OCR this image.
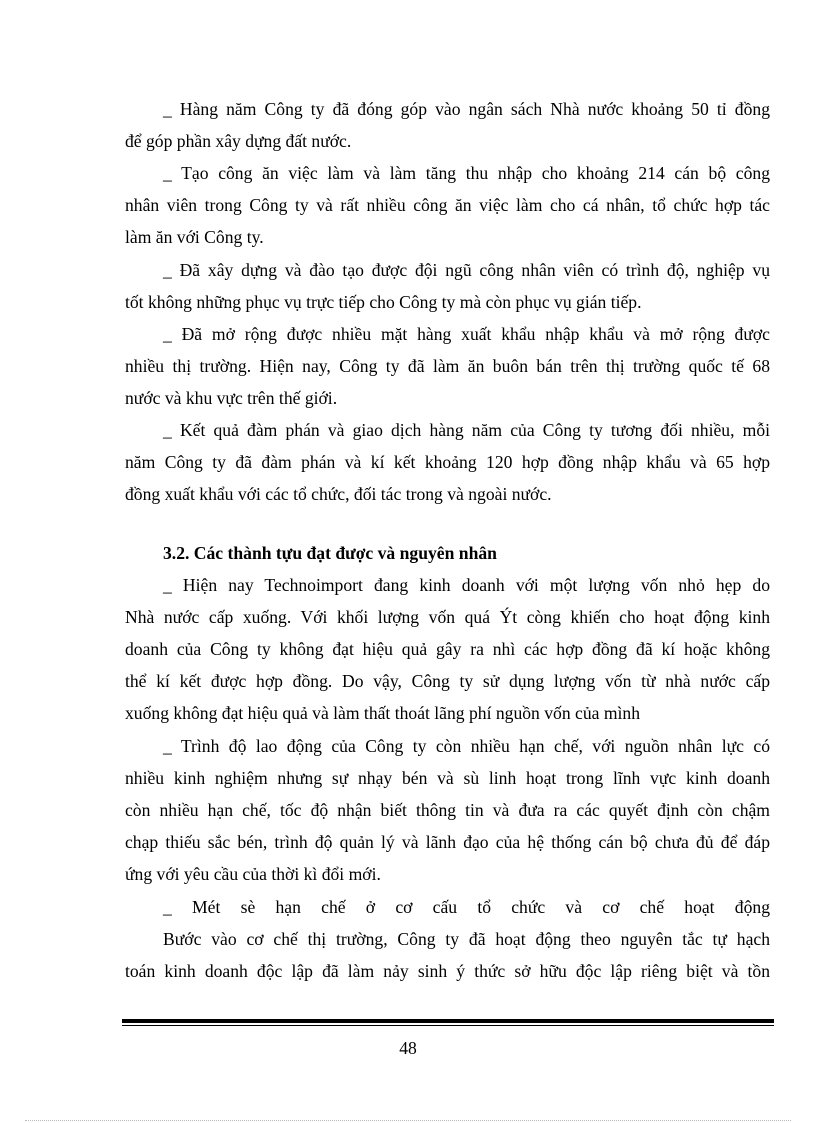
_ Hàng năm Công ty đã đóng góp vào ngân sách Nhà nước khoảng 50 tỉ đồng
để góp phần xây dựng đất nước.
_ Tạo công ăn việc làm và làm tăng thu nhập cho khoảng 214 cán bộ công
nhân viên trong Công ty và rất nhiều công ăn việc làm cho cá nhân, tổ chức hợp tác
làm ăn với Công ty.
_ Đã xây dựng và đào tạo được đội ngũ công nhân viên có trình độ, nghiệp vụ
tốt không những phục vụ trực tiếp cho Công ty mà còn phục vụ gián tiếp.
_ Đã mở rộng được nhiều mặt hàng xuất khẩu nhập khẩu và mở rộng được
nhiều thị trường. Hiện nay, Công ty đã làm ăn buôn bán trên thị trường quốc tế 68
nước và khu vực trên thế giới.
_ Kết quả đàm phán và giao dịch hàng năm của Công ty tương đối nhiều, mỗi
năm Công ty đã đàm phán và kí kết khoảng 120 hợp đồng nhập khẩu và 65 hợp
đồng xuất khẩu với các tổ chức, đối tác trong và ngoài nước.
3.2. Các thành tựu đạt được và nguyên nhân
_ Hiện nay Technoimport đang kinh doanh với một lượng vốn nhỏ hẹp do
Nhà nước cấp xuống. Với khối lượng vốn quá Ýt còng khiến cho hoạt động kinh
doanh của Công ty không đạt hiệu quả gây ra nhì các hợp đồng đã kí hoặc không
thể kí kết được hợp đồng. Do vậy, Công ty sử dụng lượng vốn từ nhà nước cấp
xuống không đạt hiệu quả và làm thất thoát lãng phí nguồn vốn của mình
_ Trình độ lao động của Công ty còn nhiều hạn chế, với nguồn nhân lực có
nhiều kinh nghiệm nhưng sự nhạy bén và sù linh hoạt trong lĩnh vực kinh doanh
còn nhiều hạn chế, tốc độ nhận biết thông tin và đưa ra các quyết định còn chậm
chạp thiếu sắc bén, trình độ quản lý và lãnh đạo của hệ thống cán bộ chưa đủ để đáp
ứng với yêu cầu của thời kì đổi mới.
_ Mét sè hạn chế ở cơ cấu tổ chức và cơ chế hoạt động
Bước vào cơ chế thị trường, Công ty đã hoạt động theo nguyên tắc tự hạch
toán kinh doanh độc lập đã làm nảy sinh ý thức sở hữu độc lập riêng biệt và tồn
48
